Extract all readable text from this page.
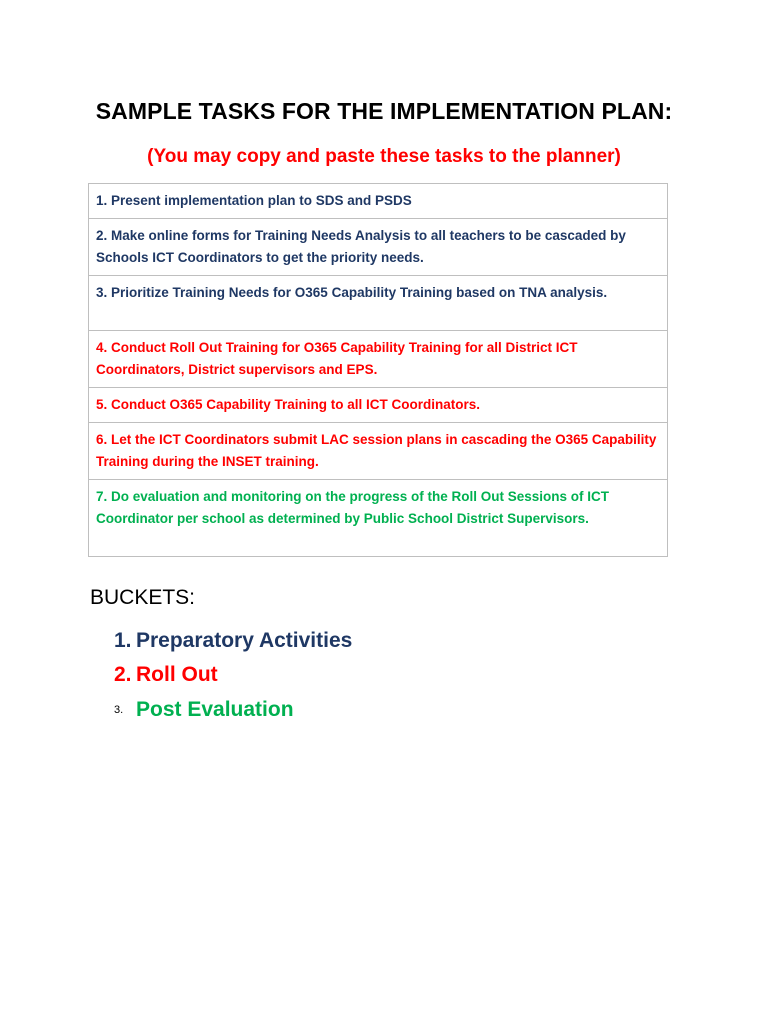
SAMPLE TASKS FOR THE IMPLEMENTATION PLAN:
(You may copy and paste these tasks to the planner)
1. Present implementation plan to SDS and PSDS
2. Make online forms for Training Needs Analysis to all teachers to be cascaded by Schools ICT Coordinators to get the priority needs.
3. Prioritize Training Needs for O365 Capability Training based on TNA analysis.
4. Conduct Roll Out Training for O365 Capability Training for all District ICT Coordinators, District supervisors and EPS.
5. Conduct O365 Capability Training to all ICT Coordinators.
6. Let the ICT Coordinators submit LAC session plans in cascading the O365 Capability Training during the INSET training.
7. Do evaluation and monitoring on the progress of the Roll Out Sessions of ICT Coordinator per school as determined by Public School District Supervisors.
BUCKETS:
1. Preparatory Activities
2. Roll Out
3. Post Evaluation
